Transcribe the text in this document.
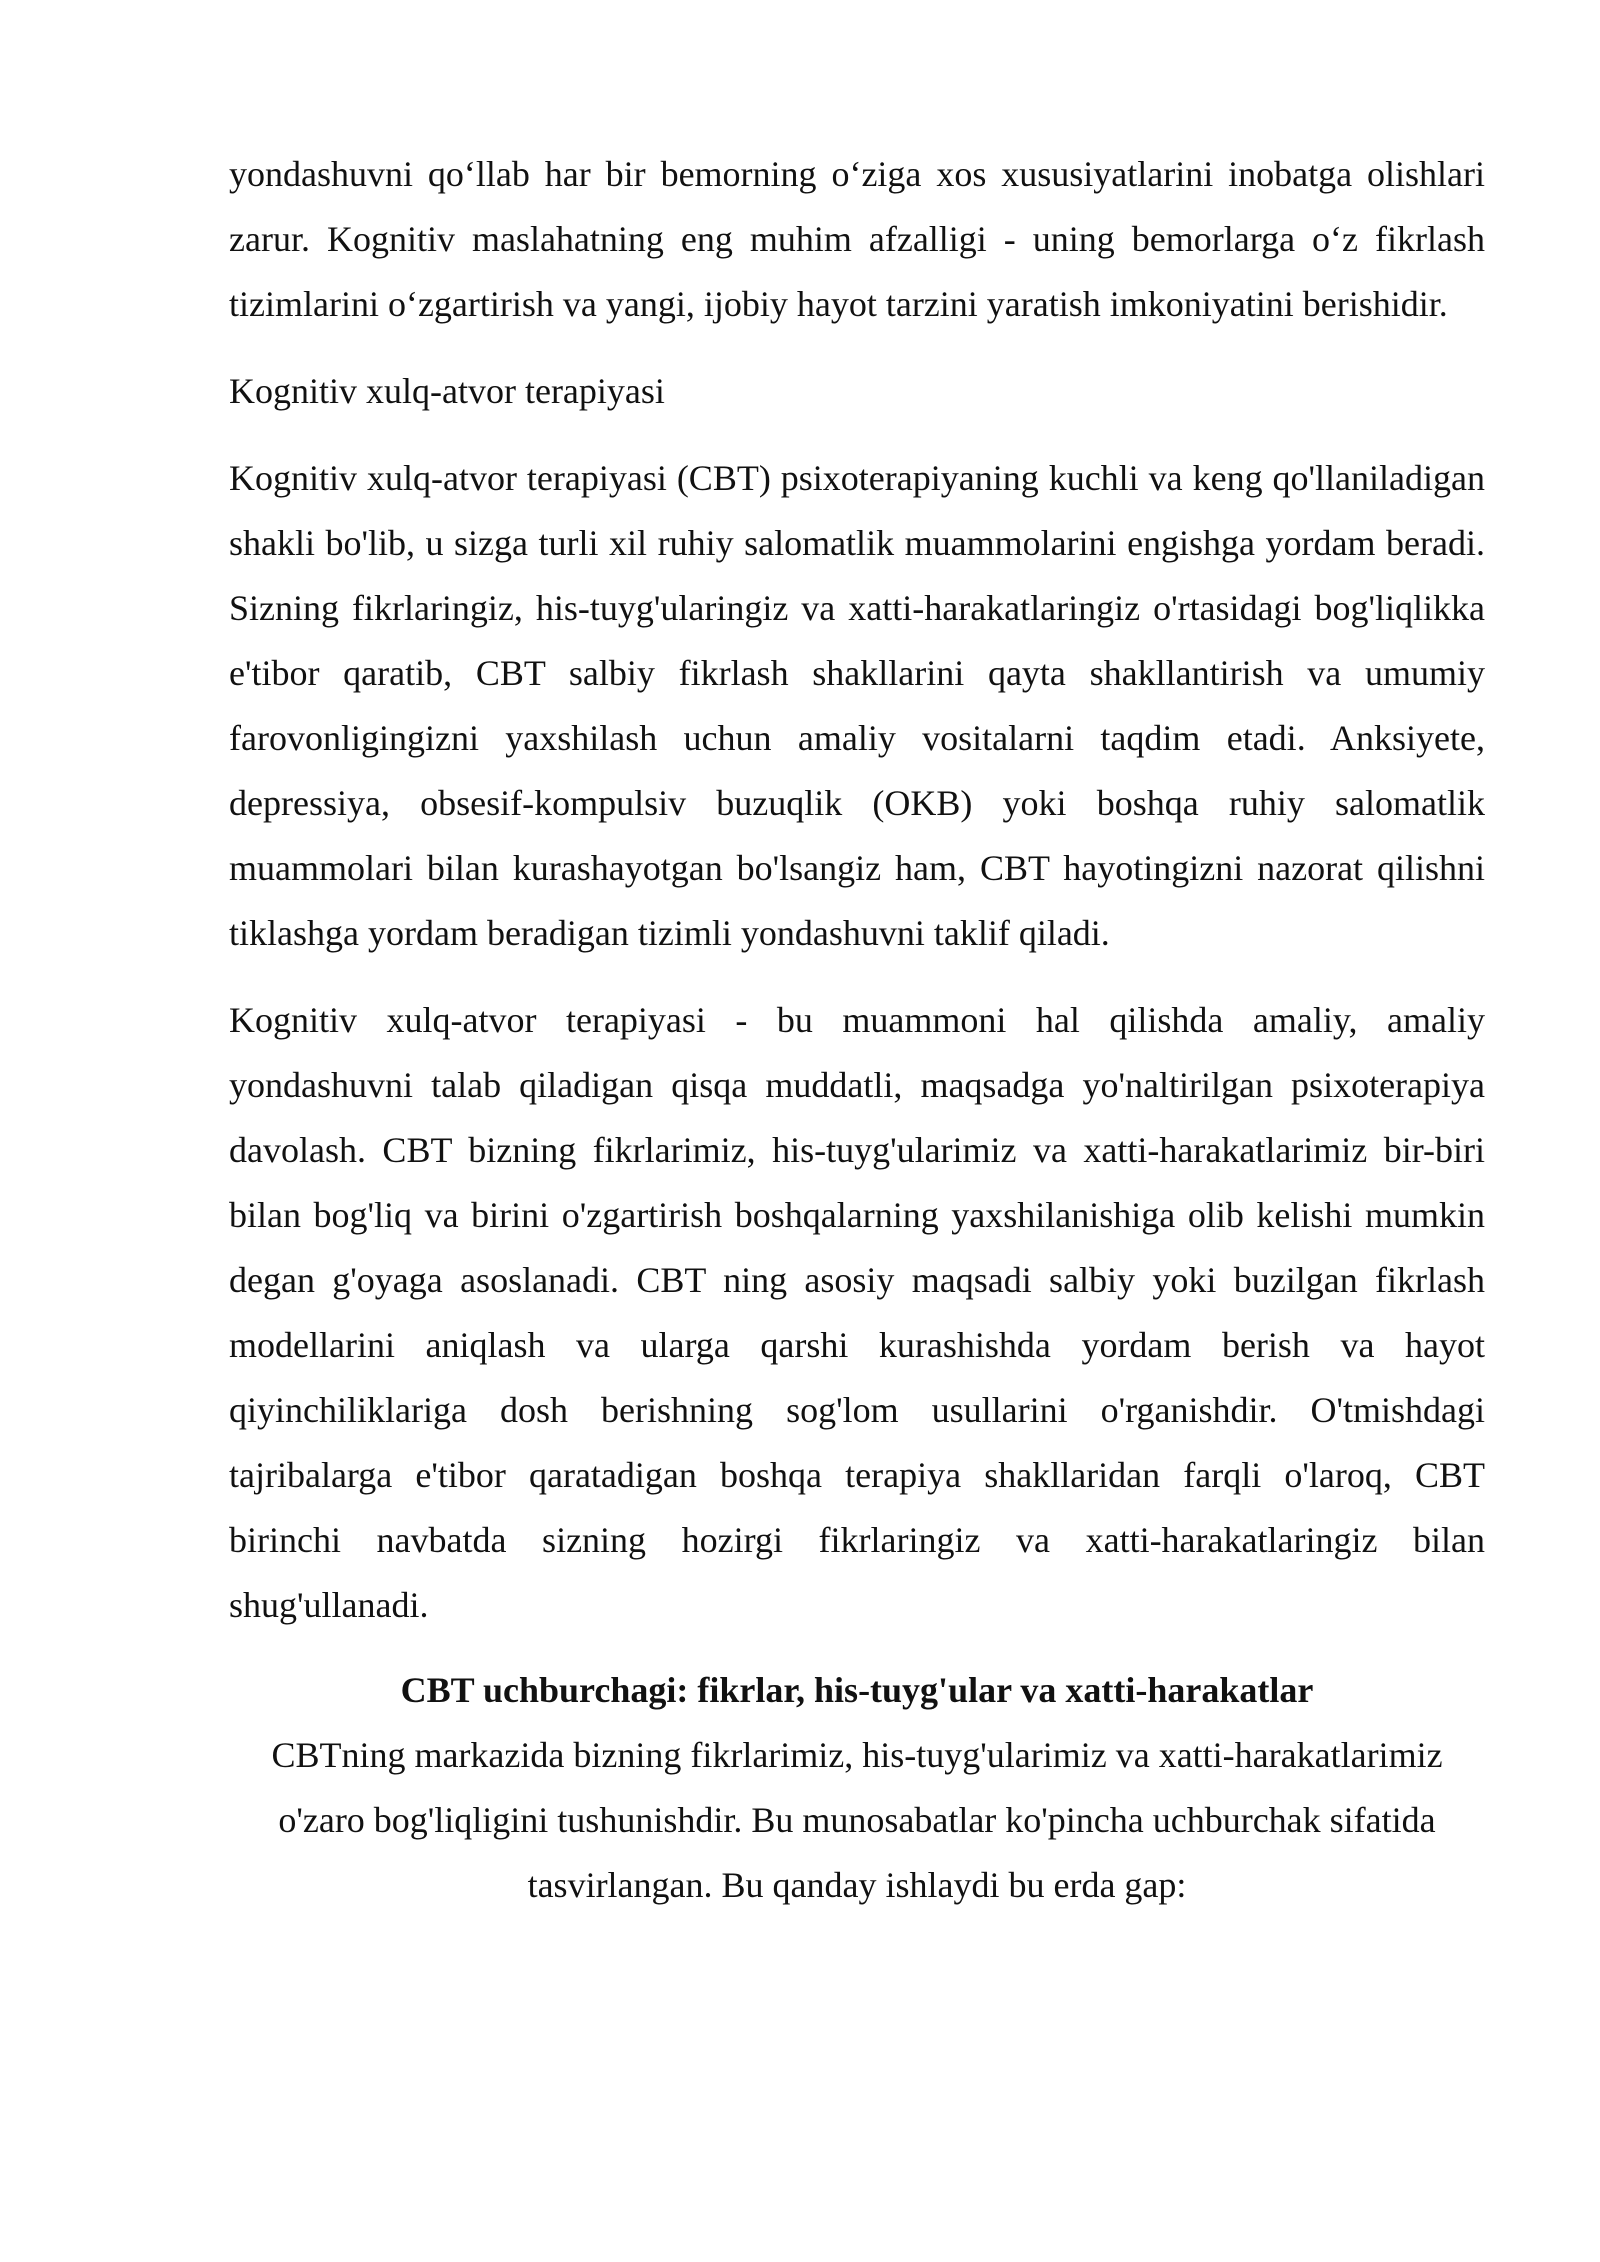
yondashuvni qo‘llab har bir bemorning o‘ziga xos xususiyatlarini inobatga olishlari zarur. Kognitiv maslahatning eng muhim afzalligi - uning bemorlarga o‘z fikrlash tizimlarini o‘zgartirish va yangi, ijobiy hayot tarzini yaratish imkoniyatini berishidir.

Kognitiv xulq-atvor terapiyasi

Kognitiv xulq-atvor terapiyasi (CBT) psixoterapiyaning kuchli va keng qo'llaniladigan shakli bo'lib, u sizga turli xil ruhiy salomatlik muammolarini engishga yordam beradi. Sizning fikrlaringiz, his-tuyg'ularingiz va xatti-harakatlaringiz o'rtasidagi bog'liqlikka e'tibor qaratib, CBT salbiy fikrlash shakllarini qayta shakllantirish va umumiy farovonligingizni yaxshilash uchun amaliy vositalarni taqdim etadi. Anksiyete, depressiya, obsesif-kompulsiv buzuqlik (OKB) yoki boshqa ruhiy salomatlik muammolari bilan kurashayotgan bo'lsangiz ham, CBT hayotingizni nazorat qilishni tiklashga yordam beradigan tizimli yondashuvni taklif qiladi.

Kognitiv xulq-atvor terapiyasi - bu muammoni hal qilishda amaliy, amaliy yondashuvni talab qiladigan qisqa muddatli, maqsadga yo'naltirilgan psixoterapiya davolash. CBT bizning fikrlarimiz, his-tuyg'ularimiz va xatti-harakatlarimiz bir-biri bilan bog'liq va birini o'zgartirish boshqalarning yaxshilanishiga olib kelishi mumkin degan g'oyaga asoslanadi. CBT ning asosiy maqsadi salbiy yoki buzilgan fikrlash modellarini aniqlash va ularga qarshi kurashishda yordam berish va hayot qiyinchiliklariga dosh berishning sog'lom usullarini o'rganishdir. O'tmishdagi tajribalarga e'tibor qaratadigan boshqa terapiya shakllaridan farqli o'laroq, CBT birinchi navbatda sizning hozirgi fikrlaringiz va xatti-harakatlaringiz bilan shug'ullanadi.

CBT uchburchagi: fikrlar, his-tuyg'ular va xatti-harakatlar

CBTning markazida bizning fikrlarimiz, his-tuyg'ularimiz va xatti-harakatlarimiz

o'zaro bog'liqligini tushunishdir. Bu munosabatlar ko'pincha uchburchak sifatida

tasvirlangan. Bu qanday ishlaydi bu erda gap:
